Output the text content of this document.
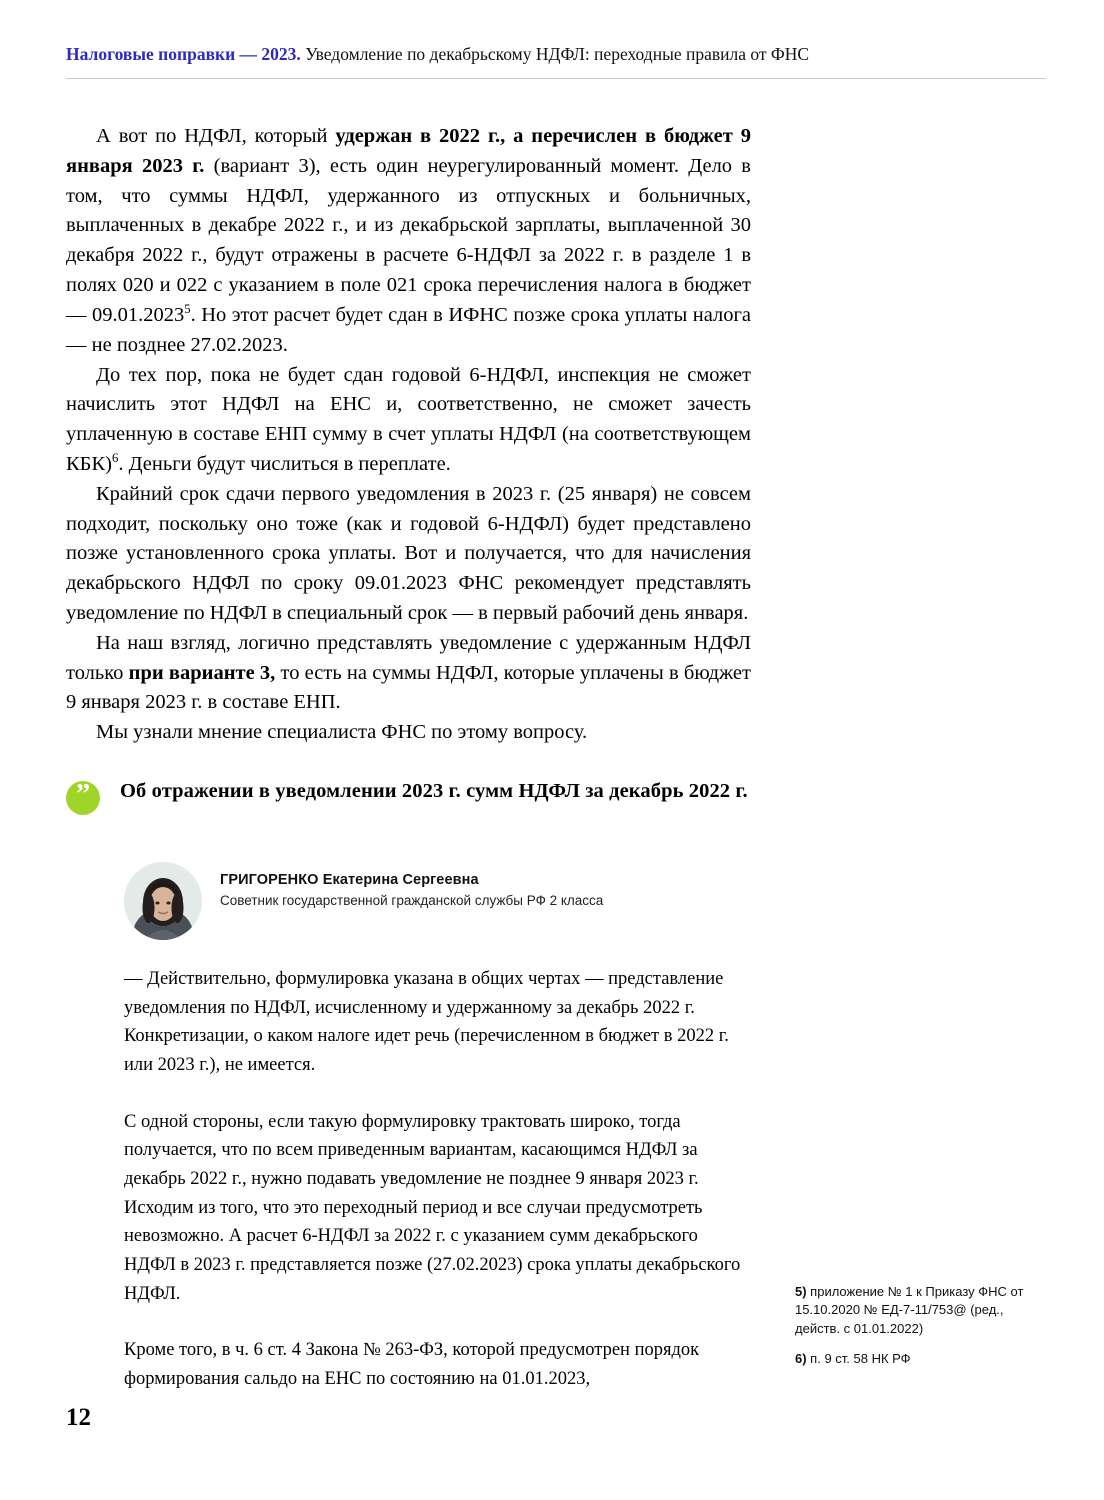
Налоговые поправки — 2023. Уведомление по декабрьскому НДФЛ: переходные правила от ФНС

А вот по НДФЛ, который удержан в 2022 г., а перечислен в бюджет 9 января 2023 г. (вариант 3), есть один неурегулированный момент. Дело в том, что суммы НДФЛ, удержанного из отпускных и больничных, выплаченных в декабре 2022 г., и из декабрьской зарплаты, выплаченной 30 декабря 2022 г., будут отражены в расчете 6-НДФЛ за 2022 г. в разделе 1 в полях 020 и 022 с указанием в поле 021 срока перечисления налога в бюджет — 09.01.2023$^5$. Но этот расчет будет сдан в ИФНС позже срока уплаты налога — не позднее 27.02.2023.

До тех пор, пока не будет сдан годовой 6-НДФЛ, инспекция не сможет начислить этот НДФЛ на ЕНС и, соответственно, не сможет зачесть уплаченную в составе ЕНП сумму в счет уплаты НДФЛ (на соответствующем КБК)$^6$. Деньги будут числиться в переплате.

Крайний срок сдачи первого уведомления в 2023 г. (25 января) не совсем подходит, поскольку оно тоже (как и годовой 6-НДФЛ) будет представлено позже установленного срока уплаты. Вот и получается, что для начисления декабрьского НДФЛ по сроку 09.01.2023 ФНС рекомендует представлять уведомление по НДФЛ в специальный срок — в первый рабочий день января.

На наш взгляд, логично представлять уведомление с удержанным НДФЛ только при варианте 3, то есть на суммы НДФЛ, которые уплачены в бюджет 9 января 2023 г. в составе ЕНП.

Мы узнали мнение специалиста ФНС по этому вопросу.

”	Об отражении в уведомлении 2023 г. сумм НДФЛ за декабрь 2022 г.
ГРИГОРЕНКО Екатерина Сергеевна
Советник государственной гражданской службы РФ 2 класса

— Действительно, формулировка указана в общих чертах — представление уведомления по НДФЛ, исчисленному и удержанному за декабрь 2022 г. Конкретизации, о каком налоге идет речь (перечисленном в бюджет в 2022 г. или 2023 г.), не имеется.

С одной стороны, если такую формулировку трактовать широко, тогда получается, что по всем приведенным вариантам, касающимся НДФЛ за декабрь 2022 г., нужно подавать уведомление не позднее 9 января 2023 г. Исходим из того, что это переходный период и все случаи предусмотреть невозможно. А расчет 6-НДФЛ за 2022 г. с указанием сумм декабрьского НДФЛ в 2023 г. представляется позже (27.02.2023) срока уплаты декабрьского НДФЛ.

Кроме того, в ч. 6 ст. 4 Закона № 263-ФЗ, которой предусмотрен порядок формирования сальдо на ЕНС по состоянию на 01.01.2023,

5) приложение № 1 к Приказу ФНС от 15.10.2020 № ЕД-7-11/753@ (ред., действ. с 01.01.2022)

6) п. 9 ст. 58 НК РФ

12
